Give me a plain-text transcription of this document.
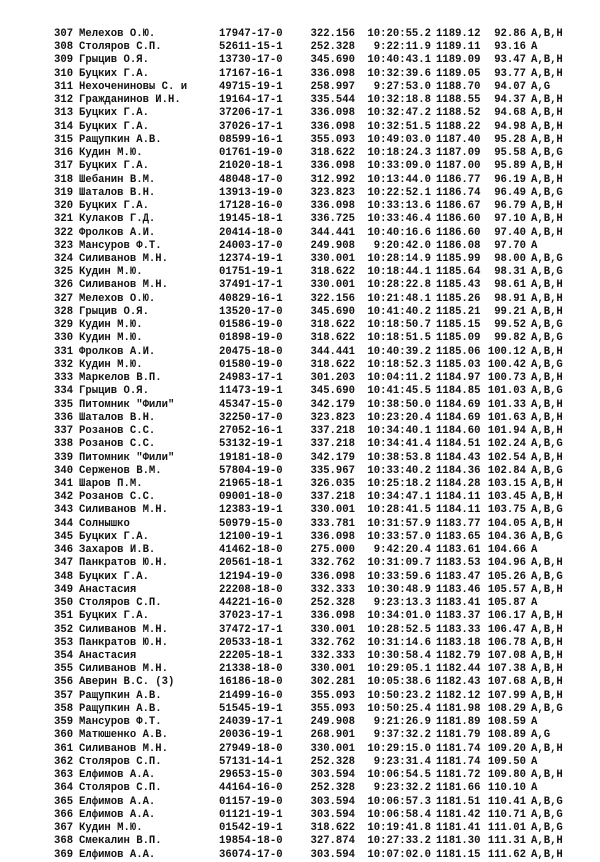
307 Мелехов О.Ю.	17947-17-0	322.156	10:20:55.2 1189.12	92.86 A,B,H
308 Столяров С.П.	52611-15-1	252.328	9:22:11.9 1189.11	93.16 A
309 Грыцив О.Я.	13730-17-0	345.690	10:40:43.1 1189.09	93.47 A,B,H
310 Буцких Г.А.	17167-16-1	336.098	10:32:39.6 1189.05	93.77 A,B,H
311 Нехочениновы С. и	49715-19-1	258.997	9:27:53.0 1188.70	94.07 A,G
312 Гражданинов И.Н.	19164-17-1	335.544	10:32:18.8 1188.55	94.37 A,B,H
313 Буцких Г.А.	37206-17-1	336.098	10:32:47.2 1188.52	94.68 A,B,H
314 Буцких Г.А.	37026-17-1	336.098	10:32:51.5 1188.22	94.98 A,B,H
315 Ращупкин А.В.	08599-16-1	355.093	10:49:03.0 1187.40	95.28 A,B,H
316 Кудин М.Ю.	01761-19-0	318.622	10:18:24.3 1187.09	95.58 A,B,G
317 Буцких Г.А.	21020-18-1	336.098	10:33:09.0 1187.00	95.89 A,B,H
318 Шебанин В.М.	48048-17-0	312.992	10:13:44.0 1186.77	96.19 A,B,H
319 Шаталов В.Н.	13913-19-0	323.823	10:22:52.1 1186.74	96.49 A,B,G
320 Буцких Г.А.	17128-16-0	336.098	10:33:13.6 1186.67	96.79 A,B,H
321 Кулаков Г.Д.	19145-18-1	336.725	10:33:46.4 1186.60	97.10 A,B,H
322 Фролков А.И.	20414-18-0	344.441	10:40:16.6 1186.60	97.40 A,B,H
323 Мансуров Ф.Т.	24003-17-0	249.908	9:20:42.0 1186.08	97.70 A
324 Силиванов М.Н.	12374-19-1	330.001	10:28:14.9 1185.99	98.00 A,B,G
325 Кудин М.Ю.	01751-19-1	318.622	10:18:44.1 1185.64	98.31 A,B,G
326 Силиванов М.Н.	37491-17-1	330.001	10:28:22.8 1185.43	98.61 A,B,H
327 Мелехов О.Ю.	40829-16-1	322.156	10:21:48.1 1185.26	98.91 A,B,H
328 Грыцив О.Я.	13520-17-0	345.690	10:41:40.2 1185.21	99.21 A,B,H
329 Кудин М.Ю.	01586-19-0	318.622	10:18:50.7 1185.15	99.52 A,B,G
330 Кудин М.Ю.	01898-19-0	318.622	10:18:51.5 1185.09	99.82 A,B,G
331 Фролков А.И.	20475-18-0	344.441	10:40:39.2 1185.06 100.12 A,B,H
332 Кудин М.Ю.	01580-19-0	318.622	10:18:52.3 1185.03 100.42 A,B,G
333 Маркелов В.П.	24983-17-1	301.203	10:04:11.2 1184.97 100.73 A,B,H
334 Грыцив О.Я.	11473-19-1	345.690	10:41:45.5 1184.85 101.03 A,B,G
335 Питомник "Фили"	45347-15-0	342.179	10:38:50.0 1184.69 101.33 A,B,H
336 Шаталов В.Н.	32250-17-0	323.823	10:23:20.4 1184.69 101.63 A,B,H
337 Розанов С.С.	27052-16-1	337.218	10:34:40.1 1184.60 101.94 A,B,H
338 Розанов С.С.	53132-19-1	337.218	10:34:41.4 1184.51 102.24 A,B,G
339 Питомник "Фили"	19181-18-0	342.179	10:38:53.8 1184.43 102.54 A,B,H
340 Серженов В.М.	57804-19-0	335.967	10:33:40.2 1184.36 102.84 A,B,G
341 Шаров П.М.	21965-18-1	326.035	10:25:18.2 1184.28 103.15 A,B,H
342 Розанов С.С.	09001-18-0	337.218	10:34:47.1 1184.11 103.45 A,B,H
343 Силиванов М.Н.	12383-19-1	330.001	10:28:41.5 1184.11 103.75 A,B,G
344 Солнышко	50979-15-0	333.781	10:31:57.9 1183.77 104.05 A,B,H
345 Буцких Г.А.	12100-19-1	336.098	10:33:57.0 1183.65 104.36 A,B,G
346 Захаров И.В.	41462-18-0	275.000	9:42:20.4 1183.61 104.66 A
347 Панкратов Ю.Н.	20561-18-1	332.762	10:31:09.7 1183.53 104.96 A,B,H
348 Буцких Г.А.	12194-19-0	336.098	10:33:59.6 1183.47 105.26 A,B,G
349 Анастасия	22208-18-0	332.333	10:30:48.9 1183.46 105.57 A,B,H
350 Столяров С.П.	44221-16-0	252.328	9:23:13.3 1183.41 105.87 A
351 Буцких Г.А.	37023-17-1	336.098	10:34:01.0 1183.37 106.17 A,B,H
352 Силиванов М.Н.	37472-17-1	330.001	10:28:52.5 1183.33 106.47 A,B,H
353 Панкратов Ю.Н.	20533-18-1	332.762	10:31:14.6 1183.18 106.78 A,B,H
354 Анастасия	22205-18-1	332.333	10:30:58.4 1182.79 107.08 A,B,H
355 Силиванов М.Н.	21338-18-0	330.001	10:29:05.1 1182.44 107.38 A,B,H
356 Аверин В.С. (3)	16186-18-0	302.281	10:05:38.6 1182.43 107.68 A,B,H
357 Ращупкин А.В.	21499-16-0	355.093	10:50:23.2 1182.12 107.99 A,B,H
358 Ращупкин А.В.	51545-19-1	355.093	10:50:25.4 1181.98 108.29 A,B,G
359 Мансуров Ф.Т.	24039-17-1	249.908	9:21:26.9 1181.89 108.59 A
360 Матюшенко А.В.	20036-19-1	268.901	9:37:32.2 1181.79 108.89 A,G
361 Силиванов М.Н.	27949-18-0	330.001	10:29:15.0 1181.74 109.20 A,B,H
362 Столяров С.П.	57131-14-1	252.328	9:23:31.4 1181.74 109.50 A
363 Елфимов А.А.	29653-15-0	303.594	10:06:54.5 1181.72 109.80 A,B,H
364 Столяров С.П.	44164-16-0	252.328	9:23:32.2 1181.66 110.10 A
365 Елфимов А.А.	01157-19-0	303.594	10:06:57.3 1181.51 110.41 A,B,G
366 Елфимов А.А.	01121-19-1	303.594	10:06:58.4 1181.42 110.71 A,B,G
367 Кудин М.Ю.	01542-19-1	318.622	10:19:41.8 1181.41 111.01 A,B,G
368 Смекалин В.П.	19854-18-0	327.874	10:27:33.2 1181.30 111.31 A,B,H
369 Елфимов А.А.	36074-17-0	303.594	10:07:02.0 1181.15 111.62 A,B,H
